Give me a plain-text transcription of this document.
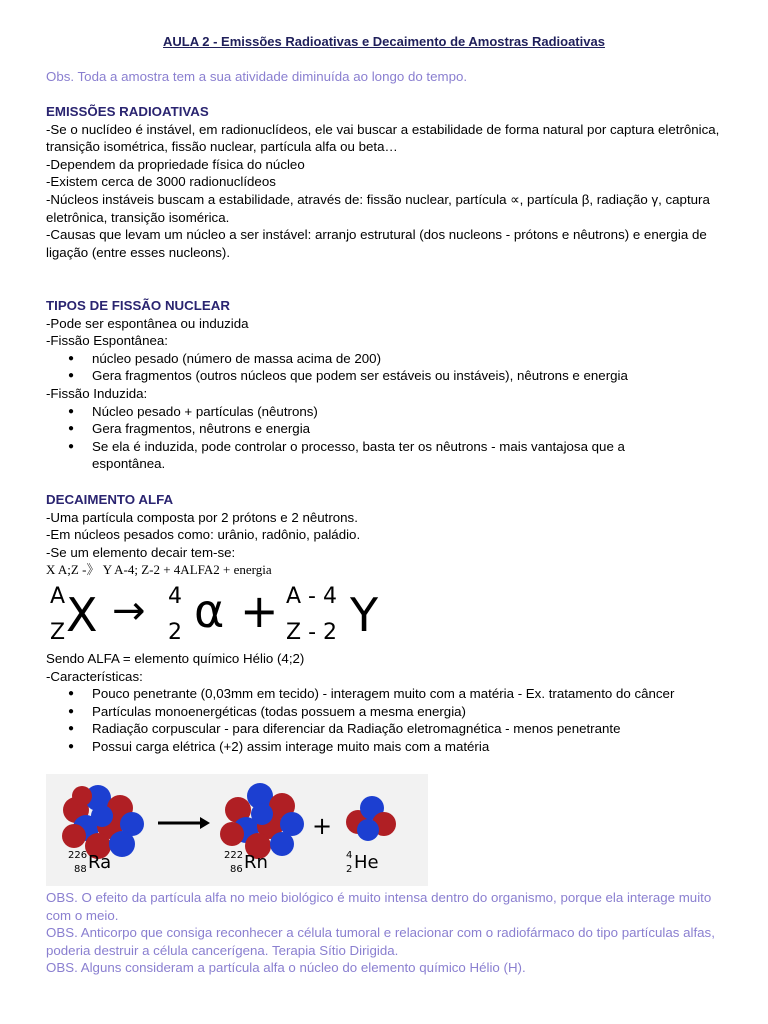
AULA 2 - Emissões Radioativas e Decaimento de Amostras Radioativas
Obs. Toda a amostra tem a sua atividade diminuída ao longo do tempo.
EMISSÕES RADIOATIVAS
-Se o nuclídeo é instável, em radionuclídeos, ele vai buscar a estabilidade de forma natural por captura eletrônica, transição isométrica, fissão nuclear, partícula alfa ou beta…
-Dependem da propriedade física do núcleo
-Existem cerca de 3000 radionuclídeos
-Núcleos instáveis buscam a estabilidade, através de: fissão nuclear, partícula ∝, partícula β, radiação γ, captura eletrônica, transição isomérica.
-Causas que levam um núcleo a ser instável: arranjo estrutural (dos nucleons - prótons e nêutrons) e energia de ligação (entre esses nucleons).
TIPOS DE FISSÃO NUCLEAR
-Pode ser espontânea ou induzida
-Fissão Espontânea:
● núcleo pesado (número de massa acima de 200)
● Gera fragmentos (outros núcleos que podem ser estáveis ou instáveis), nêutrons e energia
-Fissão Induzida:
● Núcleo pesado + partículas (nêutrons)
● Gera fragmentos, nêutrons e energia
● Se ela é induzida, pode controlar o processo, basta ter os nêutrons - mais vantajosa que a espontânea.
DECAIMENTO ALFA
-Uma partícula composta por 2 prótons e 2 nêutrons.
-Em núcleos pesados como: urânio, radônio, paládio.
-Se um elemento decair tem-se:
X A;Z -》 Y A-4; Z-2 + 4ALFA2 + energia
A
Z X → 4
2 α + A - 4
Z - 2 Y
Sendo ALFA = elemento químico Hélio (4;2)
-Características:
● Pouco penetrante (0,03mm em tecido) - interagem muito com a matéria - Ex. tratamento do câncer
● Partículas monoenergéticas (todas possuem a mesma energia)
● Radiação corpuscular - para diferenciar da Radiação eletromagnética - menos penetrante
● Possui carga elétrica (+2) assim interage muito mais com a matéria
+
226
88 Ra	222
86 Rn	4
2 He
OBS. O efeito da partícula alfa no meio biológico é muito intensa dentro do organismo, porque ela interage muito com o meio.
OBS. Anticorpo que consiga reconhecer a célula tumoral e relacionar com o radiofármaco do tipo partículas alfas, poderia destruir a célula cancerígena. Terapia Sítio Dirigida.
OBS. Alguns consideram a partícula alfa o núcleo do elemento químico Hélio (H).
